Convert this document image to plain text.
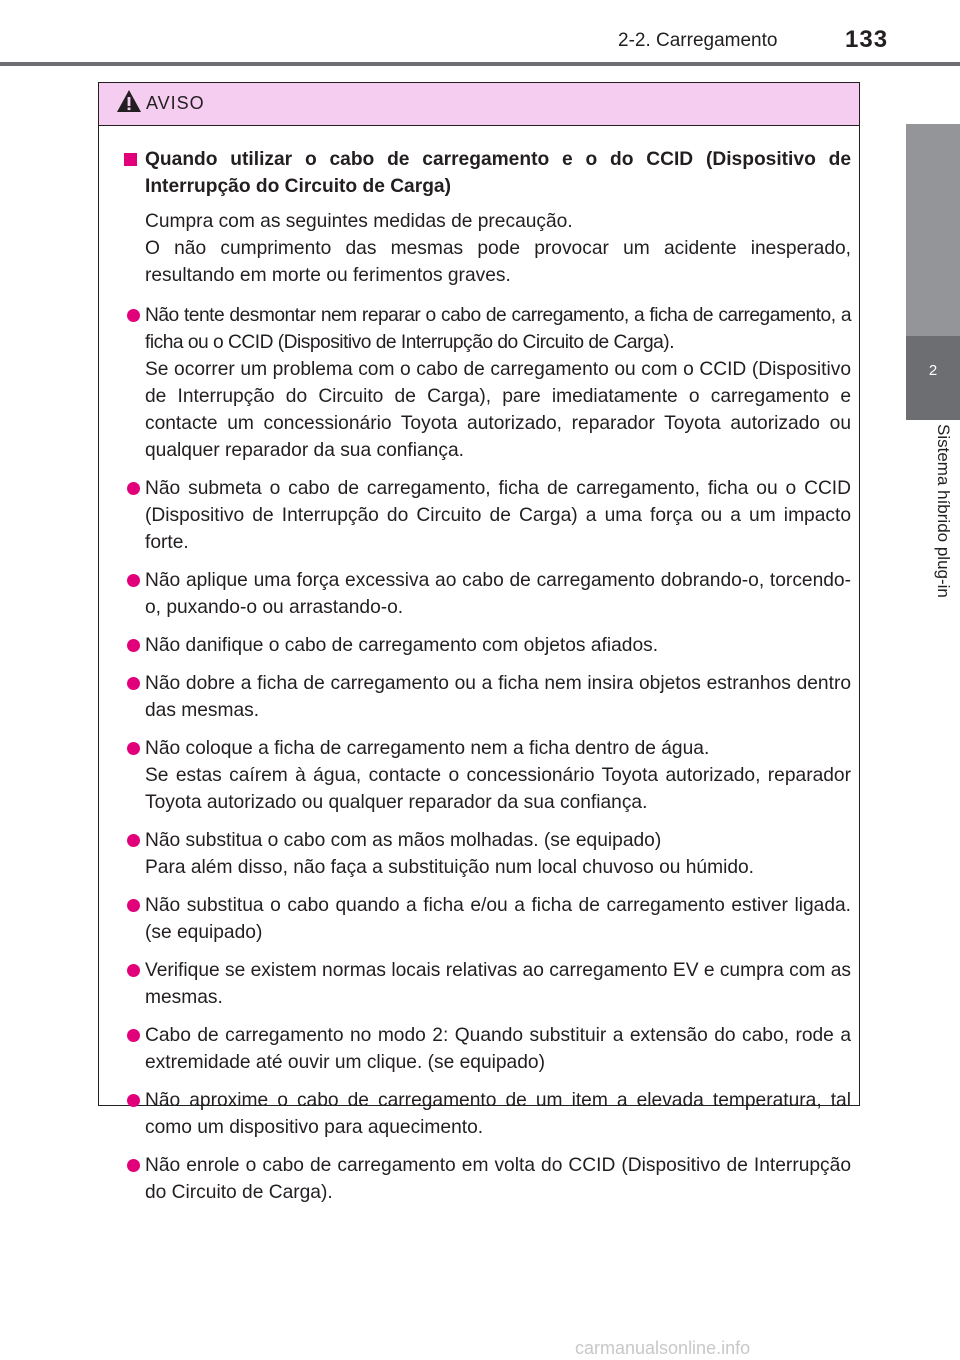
2-2. Carregamento	133
2
Sistema híbrido plug-in
AVISO
Quando utilizar o cabo de carregamento e o do CCID (Dispositivo de Interrupção do Circuito de Carga)
Cumpra com as seguintes medidas de precaução.
O não cumprimento das mesmas pode provocar um acidente inesperado, resultando em morte ou ferimentos graves.
Não tente desmontar nem reparar o cabo de carregamento, a ficha de carregamento, a ficha ou o CCID (Dispositivo de Interrupção do Circuito de Carga).
Se ocorrer um problema com o cabo de carregamento ou com o CCID (Dispositivo de Interrupção do Circuito de Carga), pare imediatamente o carregamento e contacte um concessionário Toyota autorizado, reparador Toyota autorizado ou qualquer reparador da sua confiança.
Não submeta o cabo de carregamento, ficha de carregamento, ficha ou o CCID (Dispositivo de Interrupção do Circuito de Carga) a uma força ou a um impacto forte.
Não aplique uma força excessiva ao cabo de carregamento dobrando-o, torcendo-o, puxando-o ou arrastando-o.
Não danifique o cabo de carregamento com objetos afiados.
Não dobre a ficha de carregamento ou a ficha nem insira objetos estranhos dentro das mesmas.
Não coloque a ficha de carregamento nem a ficha dentro de água.
Se estas caírem à água, contacte o concessionário Toyota autorizado, reparador Toyota autorizado ou qualquer reparador da sua confiança.
Não substitua o cabo com as mãos molhadas. (se equipado)
Para além disso, não faça a substituição num local chuvoso ou húmido.
Não substitua o cabo quando a ficha e/ou a ficha de carregamento estiver ligada. (se equipado)
Verifique se existem normas locais relativas ao carregamento EV e cumpra com as mesmas.
Cabo de carregamento no modo 2: Quando substituir a extensão do cabo, rode a extremidade até ouvir um clique. (se equipado)
Não aproxime o cabo de carregamento de um item a elevada temperatura, tal como um dispositivo para aquecimento.
Não enrole o cabo de carregamento em volta do CCID (Dispositivo de Interrupção do Circuito de Carga).
carmanualsonline.info
